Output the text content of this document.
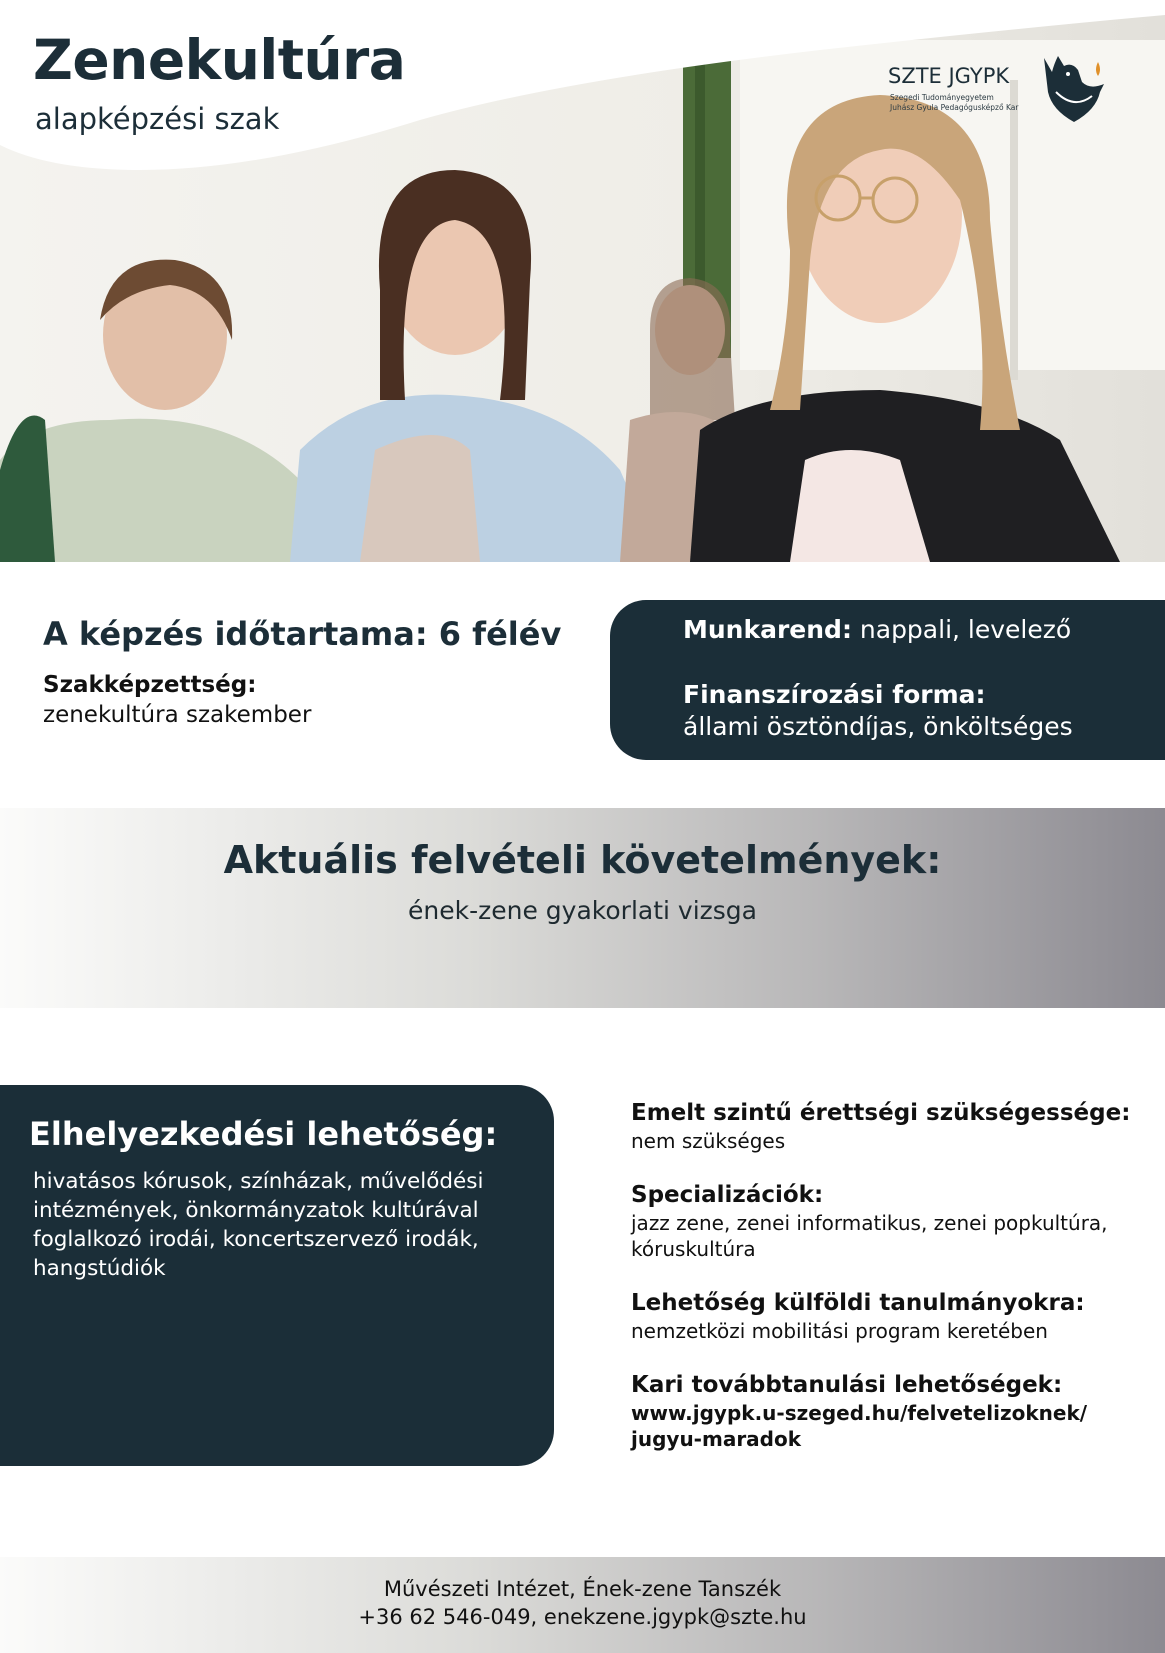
Zenekultúra
alapképzési szak
SZTE JGYPK
Szegedi Tudományegyetem
Juhász Gyula Pedagógusképző Kar
A képzés időtartama: 6 félév
Szakképzettség:
zenekultúra szakember
Munkarend: nappali, levelező
Finanszírozási forma:
állami ösztöndíjas, önköltséges
Aktuális felvételi követelmények:
ének-zene gyakorlati vizsga
Elhelyezkedési lehetőség:
hivatásos kórusok, színházak, művelődési intézmények, önkormányzatok kultúrával foglalkozó irodái, koncertszervező irodák, hangstúdiók
Emelt szintű érettségi szükségessége:
nem szükséges
Specializációk:
jazz zene, zenei informatikus, zenei popkultúra, kóruskultúra
Lehetőség külföldi tanulmányokra:
nemzetközi mobilitási program keretében
Kari továbbtanulási lehetőségek:
www.jgypk.u-szeged.hu/felvetelizoknek/
jugyu-maradok
Művészeti Intézet, Ének-zene Tanszék
+36 62 546-049, enekzene.jgypk@szte.hu
